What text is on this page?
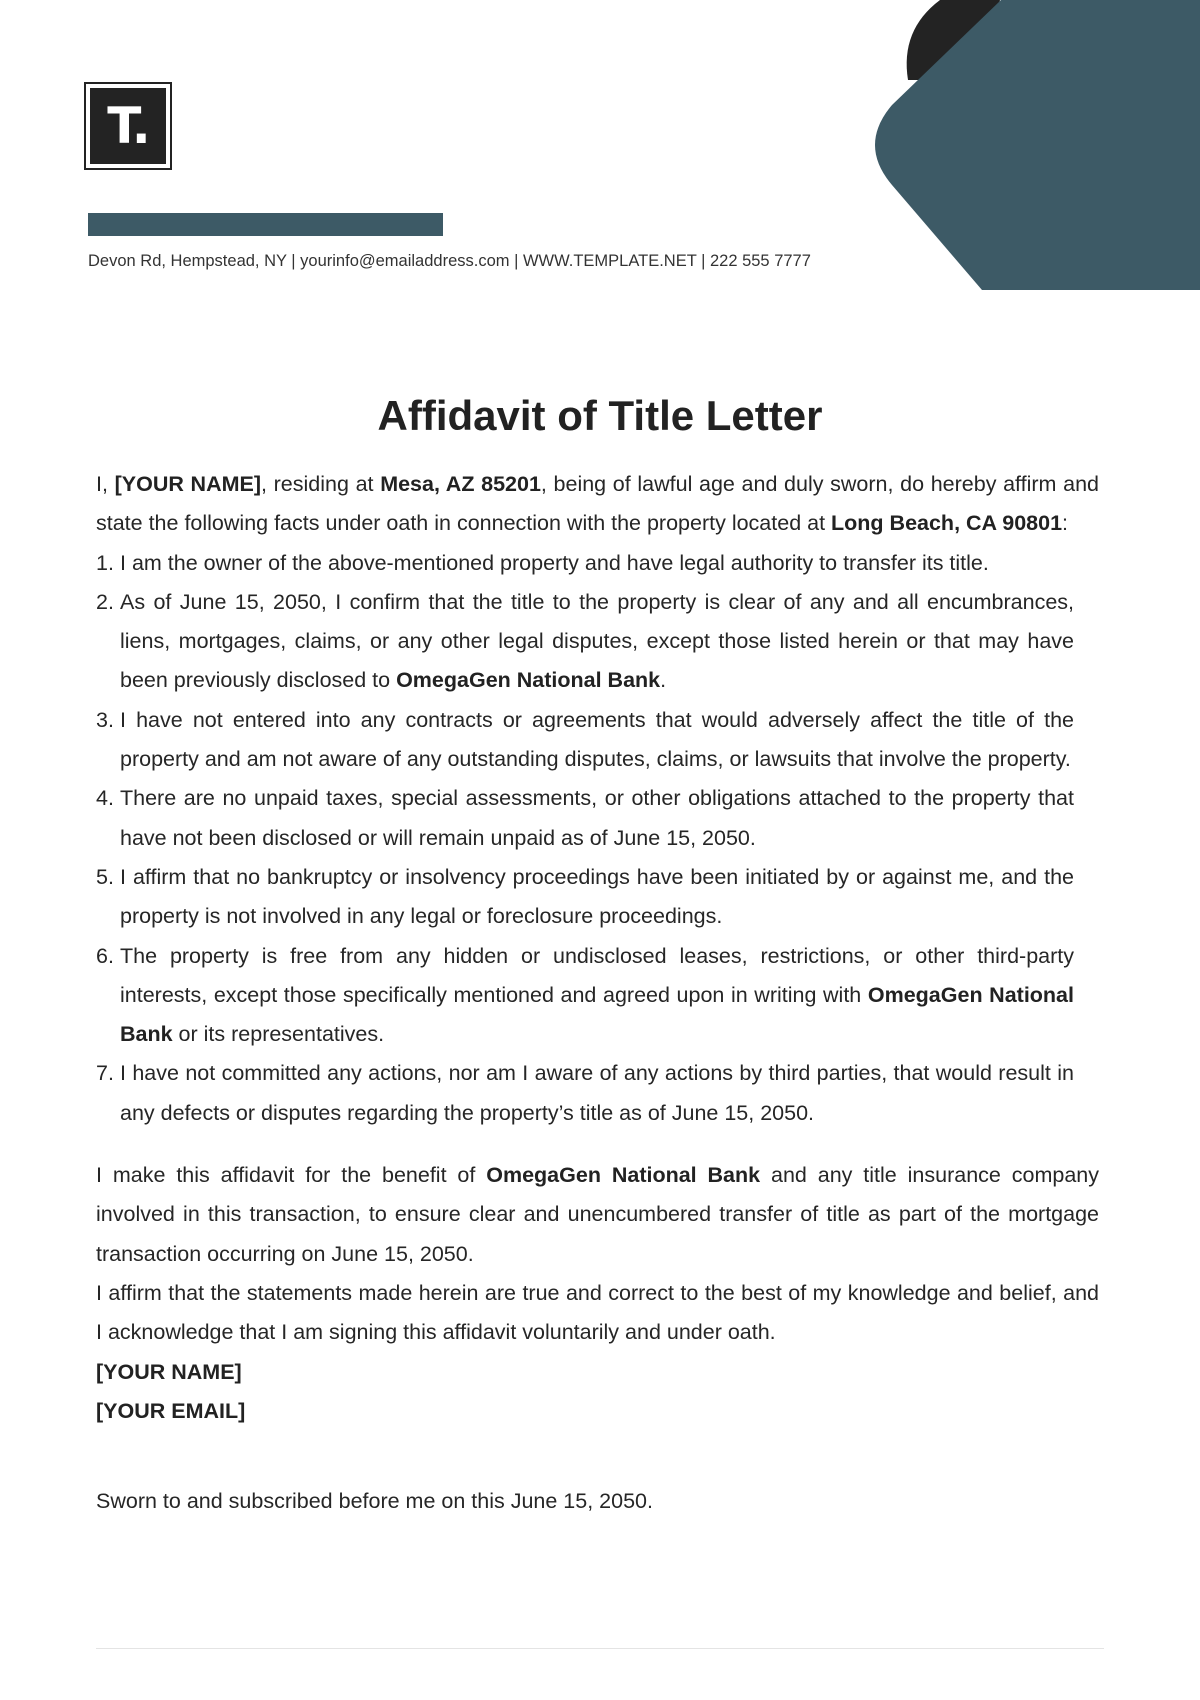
T.
Devon Rd, Hempstead, NY | yourinfo@emailaddress.com | WWW.TEMPLATE.NET | 222 555 7777
Affidavit of Title Letter

I, [YOUR NAME], residing at Mesa, AZ 85201, being of lawful age and duly sworn, do hereby affirm and state the following facts under oath in connection with the property located at Long Beach, CA 90801:

1. I am the owner of the above-mentioned property and have legal authority to transfer its title.
2. As of June 15, 2050, I confirm that the title to the property is clear of any and all encumbrances, liens, mortgages, claims, or any other legal disputes, except those listed herein or that may have been previously disclosed to OmegaGen National Bank.
3. I have not entered into any contracts or agreements that would adversely affect the title of the property and am not aware of any outstanding disputes, claims, or lawsuits that involve the property.
4. There are no unpaid taxes, special assessments, or other obligations attached to the property that have not been disclosed or will remain unpaid as of June 15, 2050.
5. I affirm that no bankruptcy or insolvency proceedings have been initiated by or against me, and the property is not involved in any legal or foreclosure proceedings.
6. The property is free from any hidden or undisclosed leases, restrictions, or other third-party interests, except those specifically mentioned and agreed upon in writing with OmegaGen National Bank or its representatives.
7. I have not committed any actions, nor am I aware of any actions by third parties, that would result in any defects or disputes regarding the property’s title as of June 15, 2050.

I make this affidavit for the benefit of OmegaGen National Bank and any title insurance company involved in this transaction, to ensure clear and unencumbered transfer of title as part of the mortgage transaction occurring on June 15, 2050.

I affirm that the statements made herein are true and correct to the best of my knowledge and belief, and I acknowledge that I am signing this affidavit voluntarily and under oath.

[YOUR NAME]

[YOUR EMAIL]

Sworn to and subscribed before me on this June 15, 2050.
